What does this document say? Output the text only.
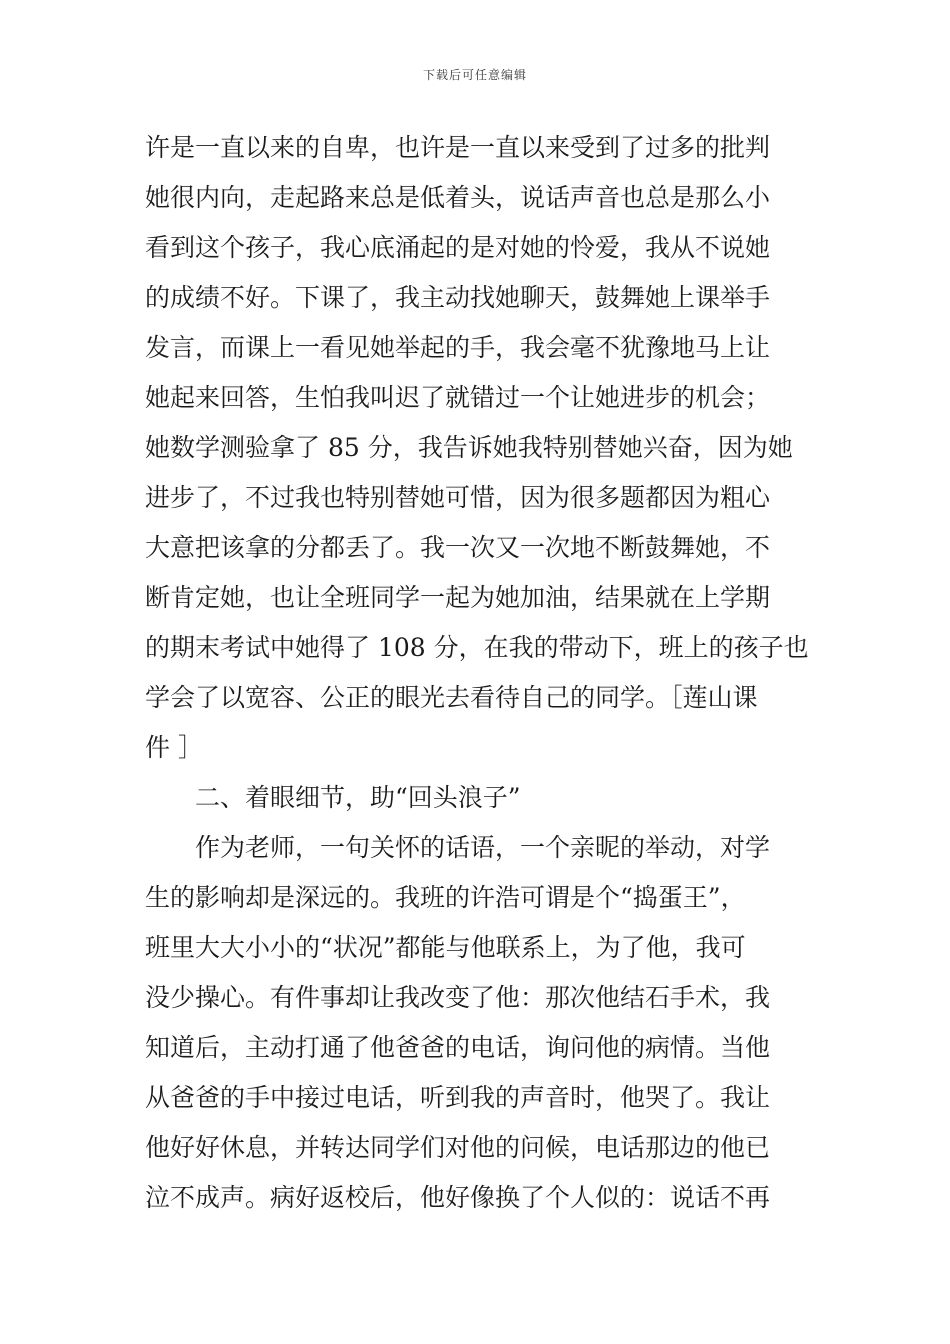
下载后可任意编辑
许是一直以来的自卑，也许是一直以来受到了过多的批判
她很内向，走起路来总是低着头，说话声音也总是那么小
看到这个孩子，我心底涌起的是对她的怜爱，我从不说她
的成绩不好。下课了，我主动找她聊天，鼓舞她上课举手
发言，而课上一看见她举起的手，我会毫不犹豫地马上让
她起来回答，生怕我叫迟了就错过一个让她进步的机会；
她数学测验拿了 85 分，我告诉她我特别替她兴奋，因为她
进步了，不过我也特别替她可惜，因为很多题都因为粗心
大意把该拿的分都丢了。我一次又一次地不断鼓舞她，不
断肯定她，也让全班同学一起为她加油，结果就在上学期
的期末考试中她得了 108 分，在我的带动下，班上的孩子也
学会了以宽容、公正的眼光去看待自己的同学。［莲山课
件 ］
二、着眼细节，助“回头浪子”
作为老师，一句关怀的话语，一个亲昵的举动，对学
生的影响却是深远的。我班的许浩可谓是个“捣蛋王”，
班里大大小小的“状况”都能与他联系上，为了他，我可
没少操心。有件事却让我改变了他：那次他结石手术，我
知道后，主动打通了他爸爸的电话，询问他的病情。当他
从爸爸的手中接过电话，听到我的声音时，他哭了。我让
他好好休息，并转达同学们对他的问候，电话那边的他已
泣不成声。病好返校后，他好像换了个人似的：说话不再
